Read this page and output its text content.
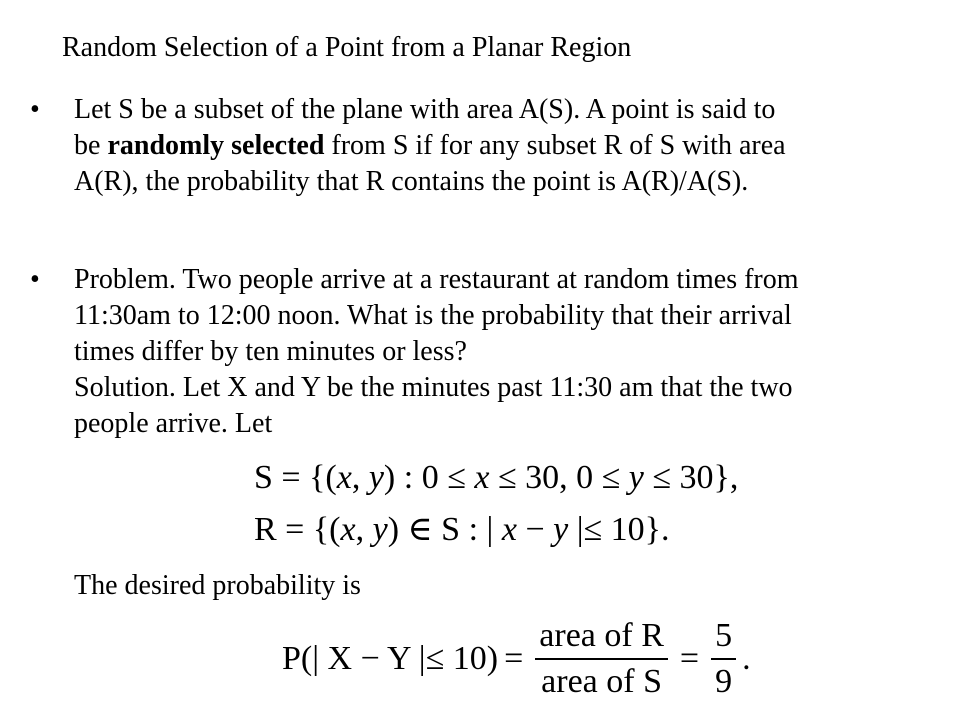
Random Selection of a Point from a Planar Region
•	Let S be a subset of the plane with area A(S). A point is said to
be randomly selected from S if for any subset R of S with area
A(R), the probability that R contains the point is A(R)/A(S).
•	Problem. Two people arrive at a restaurant at random times from
11:30am to 12:00 noon. What is the probability that their arrival
times differ by ten minutes or less?
Solution. Let X and Y be the minutes past 11:30 am that the two
people arrive. Let
S = {(x, y) : 0 ≤ x ≤ 30, 0 ≤ y ≤ 30},
R = {(x, y) ∈ S : | x − y |≤ 10}.
The desired probability is
P(| X − Y |≤ $10) = \frac{\text{area of R}}{\text{area of S}} = \frac{5}{9}$ .
